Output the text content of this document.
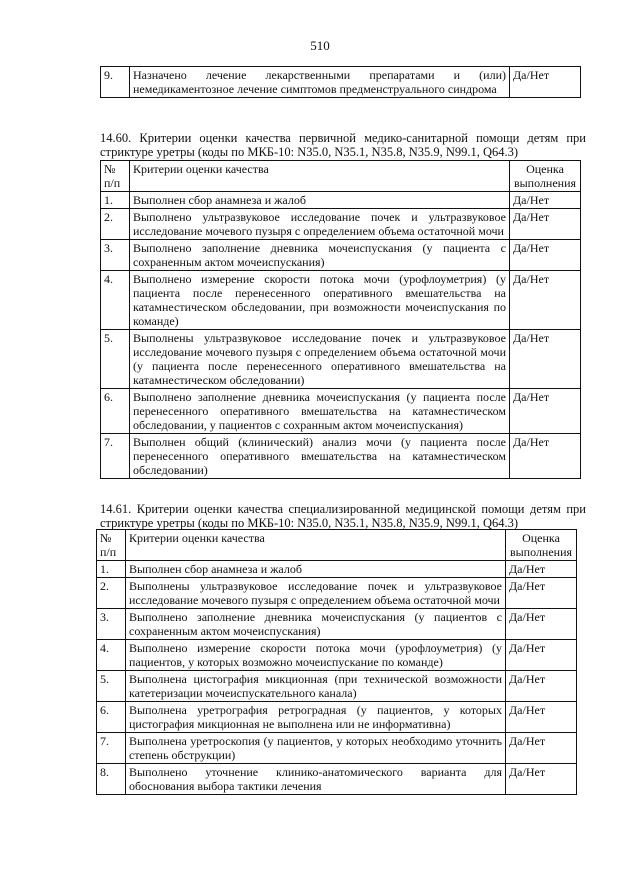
510
9.	Назначено лечение лекарственными препаратами и (или) немедикаментозное лечение симптомов предменструального синдрома	Да/Нет
14.60. Критерии оценки качества первичной медико-санитарной помощи детям при стриктуре уретры (коды по МКБ-10: N35.0, N35.1, N35.8, N35.9, N99.1, Q64.3)
№ п/п	Критерии оценки качества	Оценка выполнения
1.	Выполнен сбор анамнеза и жалоб	Да/Нет
2.	Выполнено ультразвуковое исследование почек и ультразвуковое исследование мочевого пузыря с определением объема остаточной мочи	Да/Нет
3.	Выполнено заполнение дневника мочеиспускания (у пациента с сохраненным актом мочеиспускания)	Да/Нет
4.	Выполнено измерение скорости потока мочи (урофлоуметрия) (у пациента после перенесенного оперативного вмешательства на катамнестическом обследовании, при возможности мочеиспускания по команде)	Да/Нет
5.	Выполнены ультразвуковое исследование почек и ультразвуковое исследование мочевого пузыря с определением объема остаточной мочи (у пациента после перенесенного оперативного вмешательства на катамнестическом обследовании)	Да/Нет
6.	Выполнено заполнение дневника мочеиспускания (у пациента после перенесенного оперативного вмешательства на катамнестическом обследовании, у пациентов с сохранным актом мочеиспускания)	Да/Нет
7.	Выполнен общий (клинический) анализ мочи (у пациента после перенесенного оперативного вмешательства на катамнестическом обследовании)	Да/Нет
14.61. Критерии оценки качества специализированной медицинской помощи детям при стриктуре уретры (коды по МКБ-10: N35.0, N35.1, N35.8, N35.9, N99.1, Q64.3)
№ п/п	Критерии оценки качества	Оценка выполнения
1.	Выполнен сбор анамнеза и жалоб	Да/Нет
2.	Выполнены ультразвуковое исследование почек и ультразвуковое исследование мочевого пузыря с определением объема остаточной мочи	Да/Нет
3.	Выполнено заполнение дневника мочеиспускания (у пациентов с сохраненным актом мочеиспускания)	Да/Нет
4.	Выполнено измерение скорости потока мочи (урофлоуметрия) (у пациентов, у которых возможно мочеиспускание по команде)	Да/Нет
5.	Выполнена цистография микционная (при технической возможности катетеризации мочеиспускательного канала)	Да/Нет
6.	Выполнена уретрография ретроградная (у пациентов, у которых цистография микционная не выполнена или не информативна)	Да/Нет
7.	Выполнена уретроскопия (у пациентов, у которых необходимо уточнить степень обструкции)	Да/Нет
8.	Выполнено уточнение клинико-анатомического варианта для обоснования выбора тактики лечения	Да/Нет
